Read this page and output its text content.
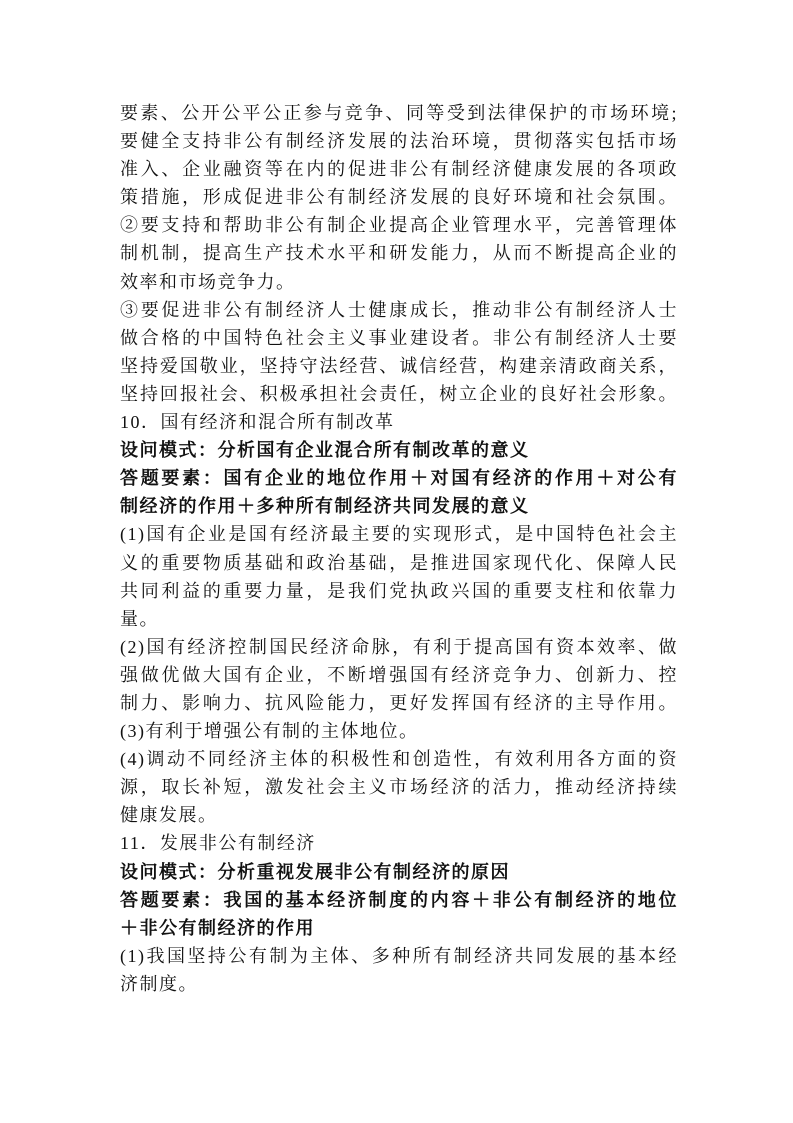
要素、公开公平公正参与竞争、同等受到法律保护的市场环境;
要健全支持非公有制经济发展的法治环境，贯彻落实包括市场
准入、企业融资等在内的促进非公有制经济健康发展的各项政
策措施，形成促进非公有制经济发展的良好环境和社会氛围。
②要支持和帮助非公有制企业提高企业管理水平，完善管理体
制机制，提高生产技术水平和研发能力，从而不断提高企业的
效率和市场竞争力。
③要促进非公有制经济人士健康成长，推动非公有制经济人士
做合格的中国特色社会主义事业建设者。非公有制经济人士要
坚持爱国敬业，坚持守法经营、诚信经营，构建亲清政商关系，
坚持回报社会、积极承担社会责任，树立企业的良好社会形象。
10．国有经济和混合所有制改革
设问模式：分析国有企业混合所有制改革的意义
答题要素：国有企业的地位作用＋对国有经济的作用＋对公有
制经济的作用＋多种所有制经济共同发展的意义
(1)国有企业是国有经济最主要的实现形式，是中国特色社会主
义的重要物质基础和政治基础，是推进国家现代化、保障人民
共同利益的重要力量，是我们党执政兴国的重要支柱和依靠力
量。
(2)国有经济控制国民经济命脉，有利于提高国有资本效率、做
强做优做大国有企业，不断增强国有经济竞争力、创新力、控
制力、影响力、抗风险能力，更好发挥国有经济的主导作用。
(3)有利于增强公有制的主体地位。
(4)调动不同经济主体的积极性和创造性，有效利用各方面的资
源，取长补短，激发社会主义市场经济的活力，推动经济持续
健康发展。
11．发展非公有制经济
设问模式：分析重视发展非公有制经济的原因
答题要素：我国的基本经济制度的内容＋非公有制经济的地位
＋非公有制经济的作用
(1)我国坚持公有制为主体、多种所有制经济共同发展的基本经
济制度。
